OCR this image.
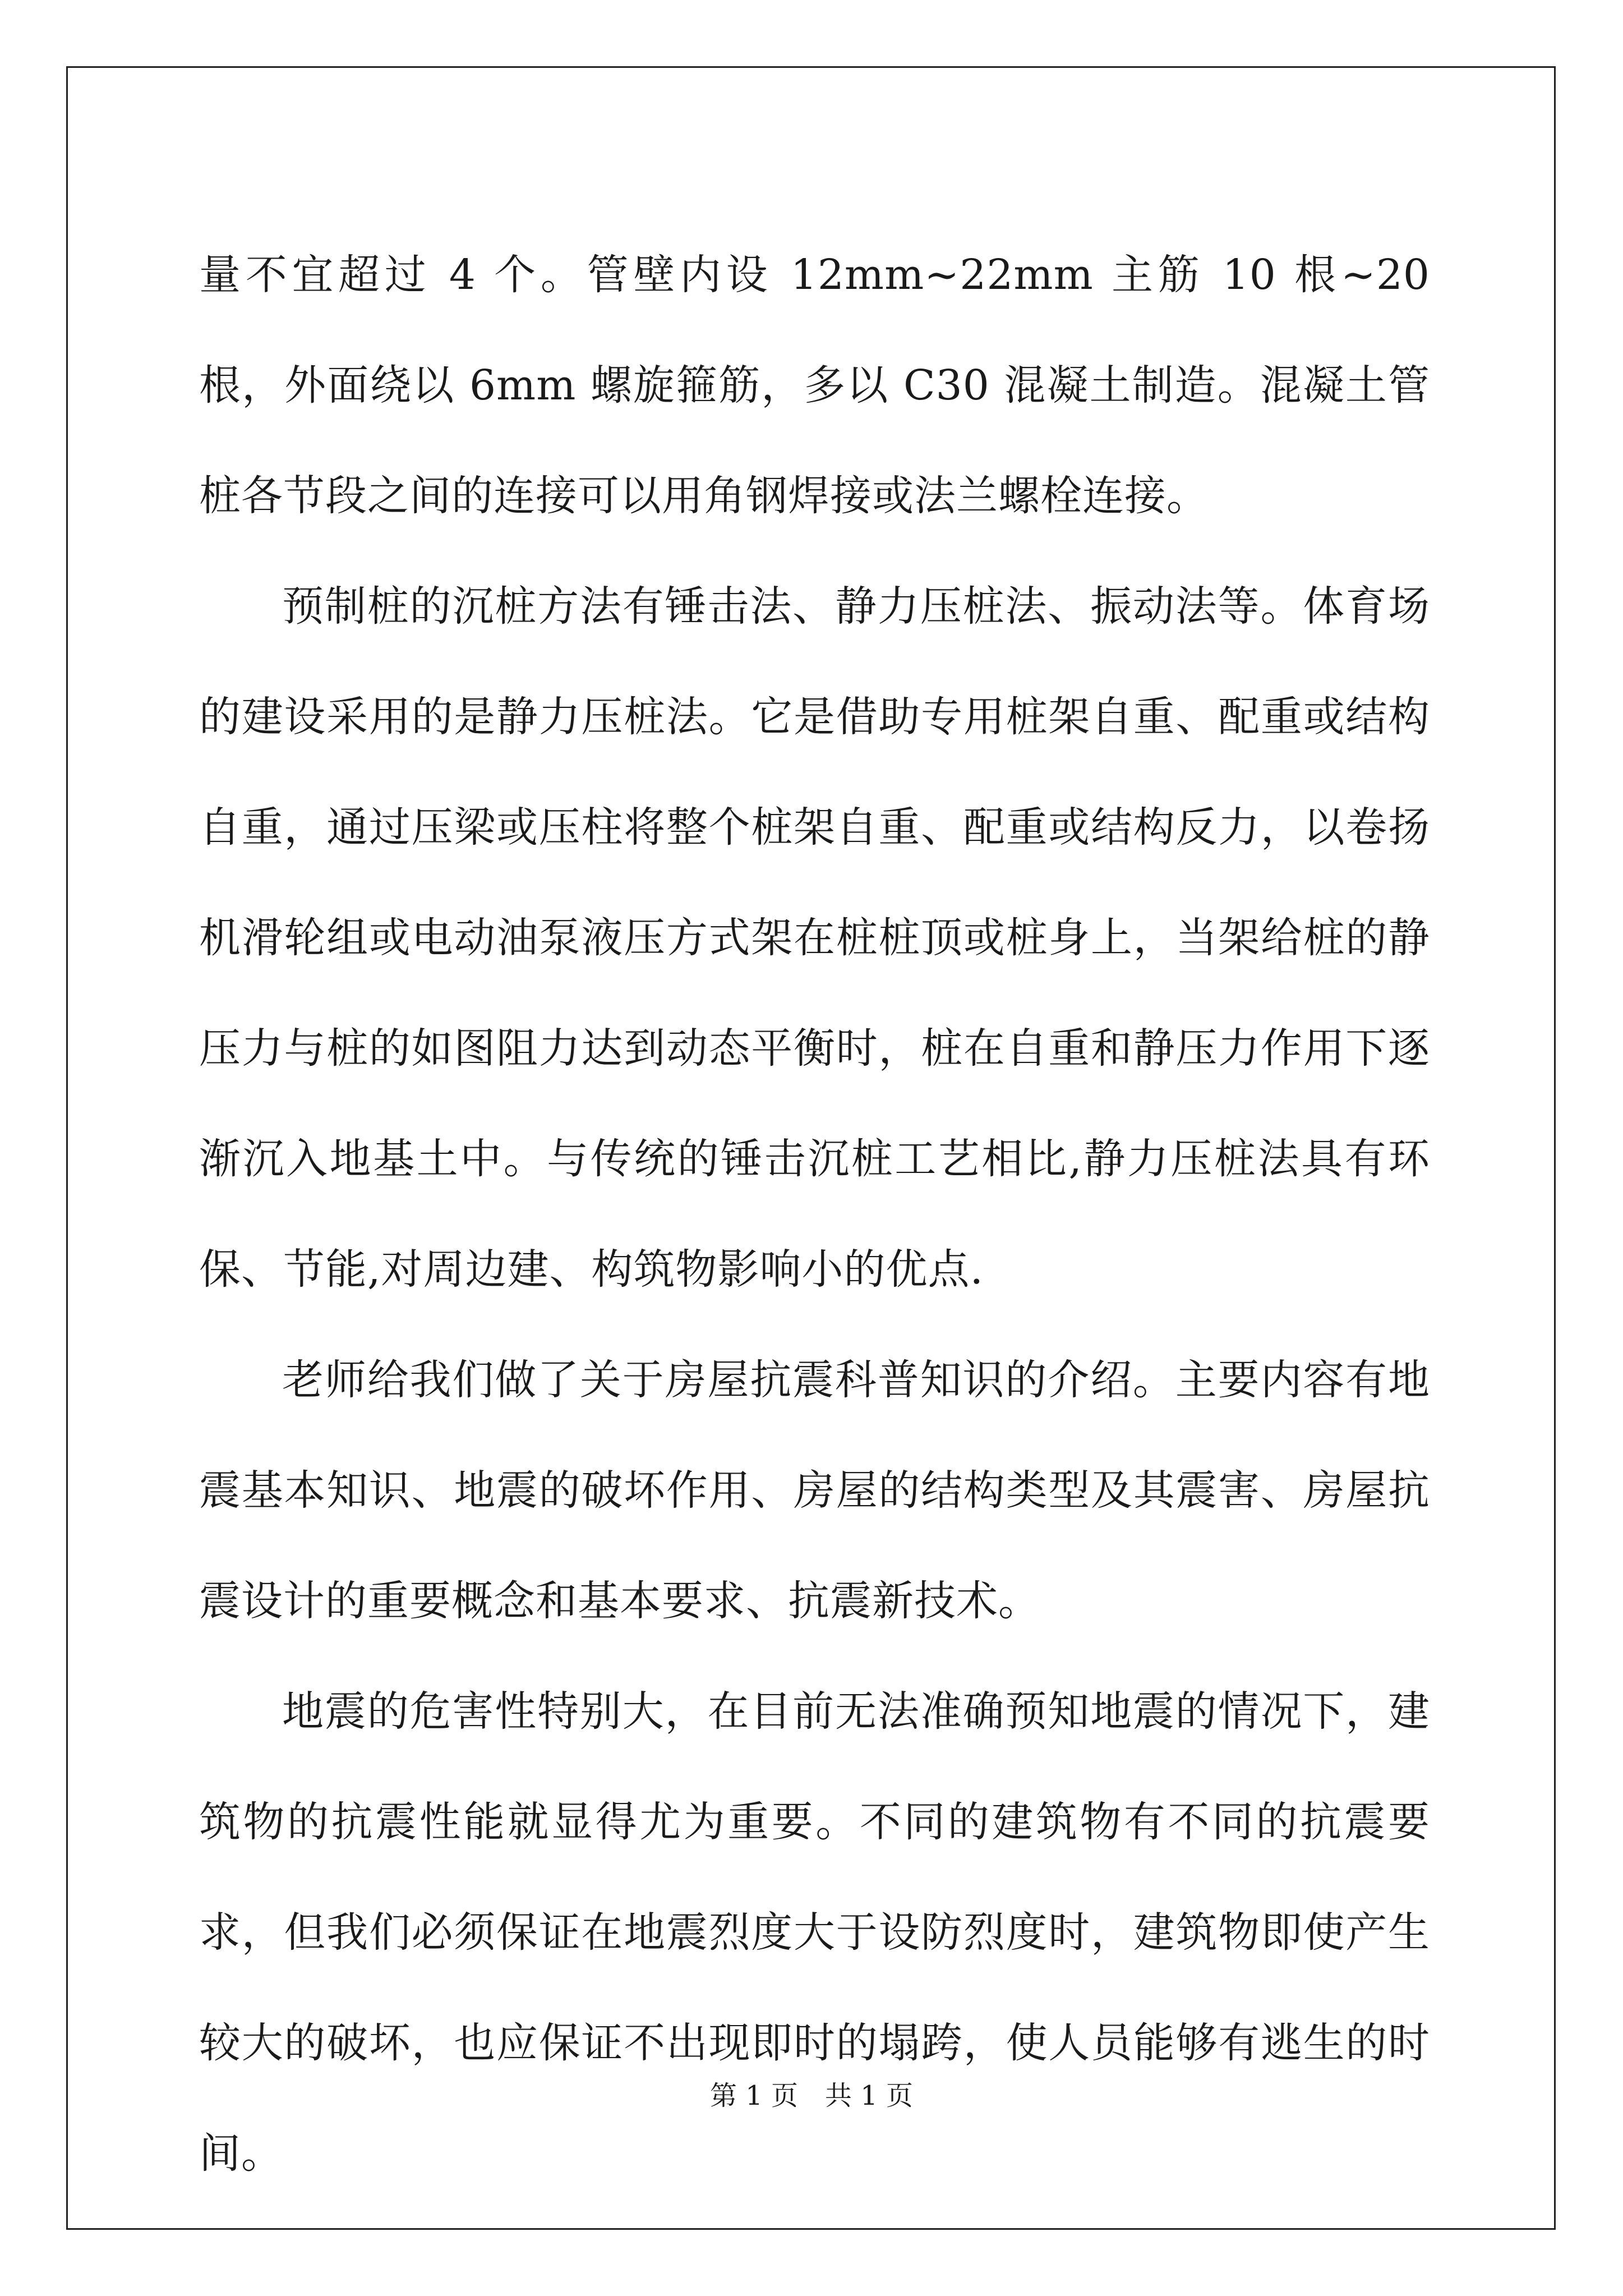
量不宜超过 4 个。管壁内设 12mm~22mm 主筋 10 根~20 根，外面绕以 6mm 螺旋箍筋，多以 C30 混凝土制造。混凝土管桩各节段之间的连接可以用角钢焊接或法兰螺栓连接。

预制桩的沉桩方法有锤击法、静力压桩法、振动法等。体育场的建设采用的是静力压桩法。它是借助专用桩架自重、配重或结构自重，通过压梁或压柱将整个桩架自重、配重或结构反力，以卷扬机滑轮组或电动油泵液压方式架在桩桩顶或桩身上，当架给桩的静压力与桩的如图阻力达到动态平衡时，桩在自重和静压力作用下逐渐沉入地基土中。与传统的锤击沉桩工艺相比,静力压桩法具有环保、节能,对周边建、构筑物影响小的优点.

老师给我们做了关于房屋抗震科普知识的介绍。主要内容有地震基本知识、地震的破坏作用、房屋的结构类型及其震害、房屋抗震设计的重要概念和基本要求、抗震新技术。

地震的危害性特别大，在目前无法准确预知地震的情况下，建筑物的抗震性能就显得尤为重要。不同的建筑物有不同的抗震要求，但我们必须保证在地震烈度大于设防烈度时，建筑物即使产生较大的破坏，也应保证不出现即时的塌跨，使人员能够有逃生的时间。

第 1 页　共 1 页
